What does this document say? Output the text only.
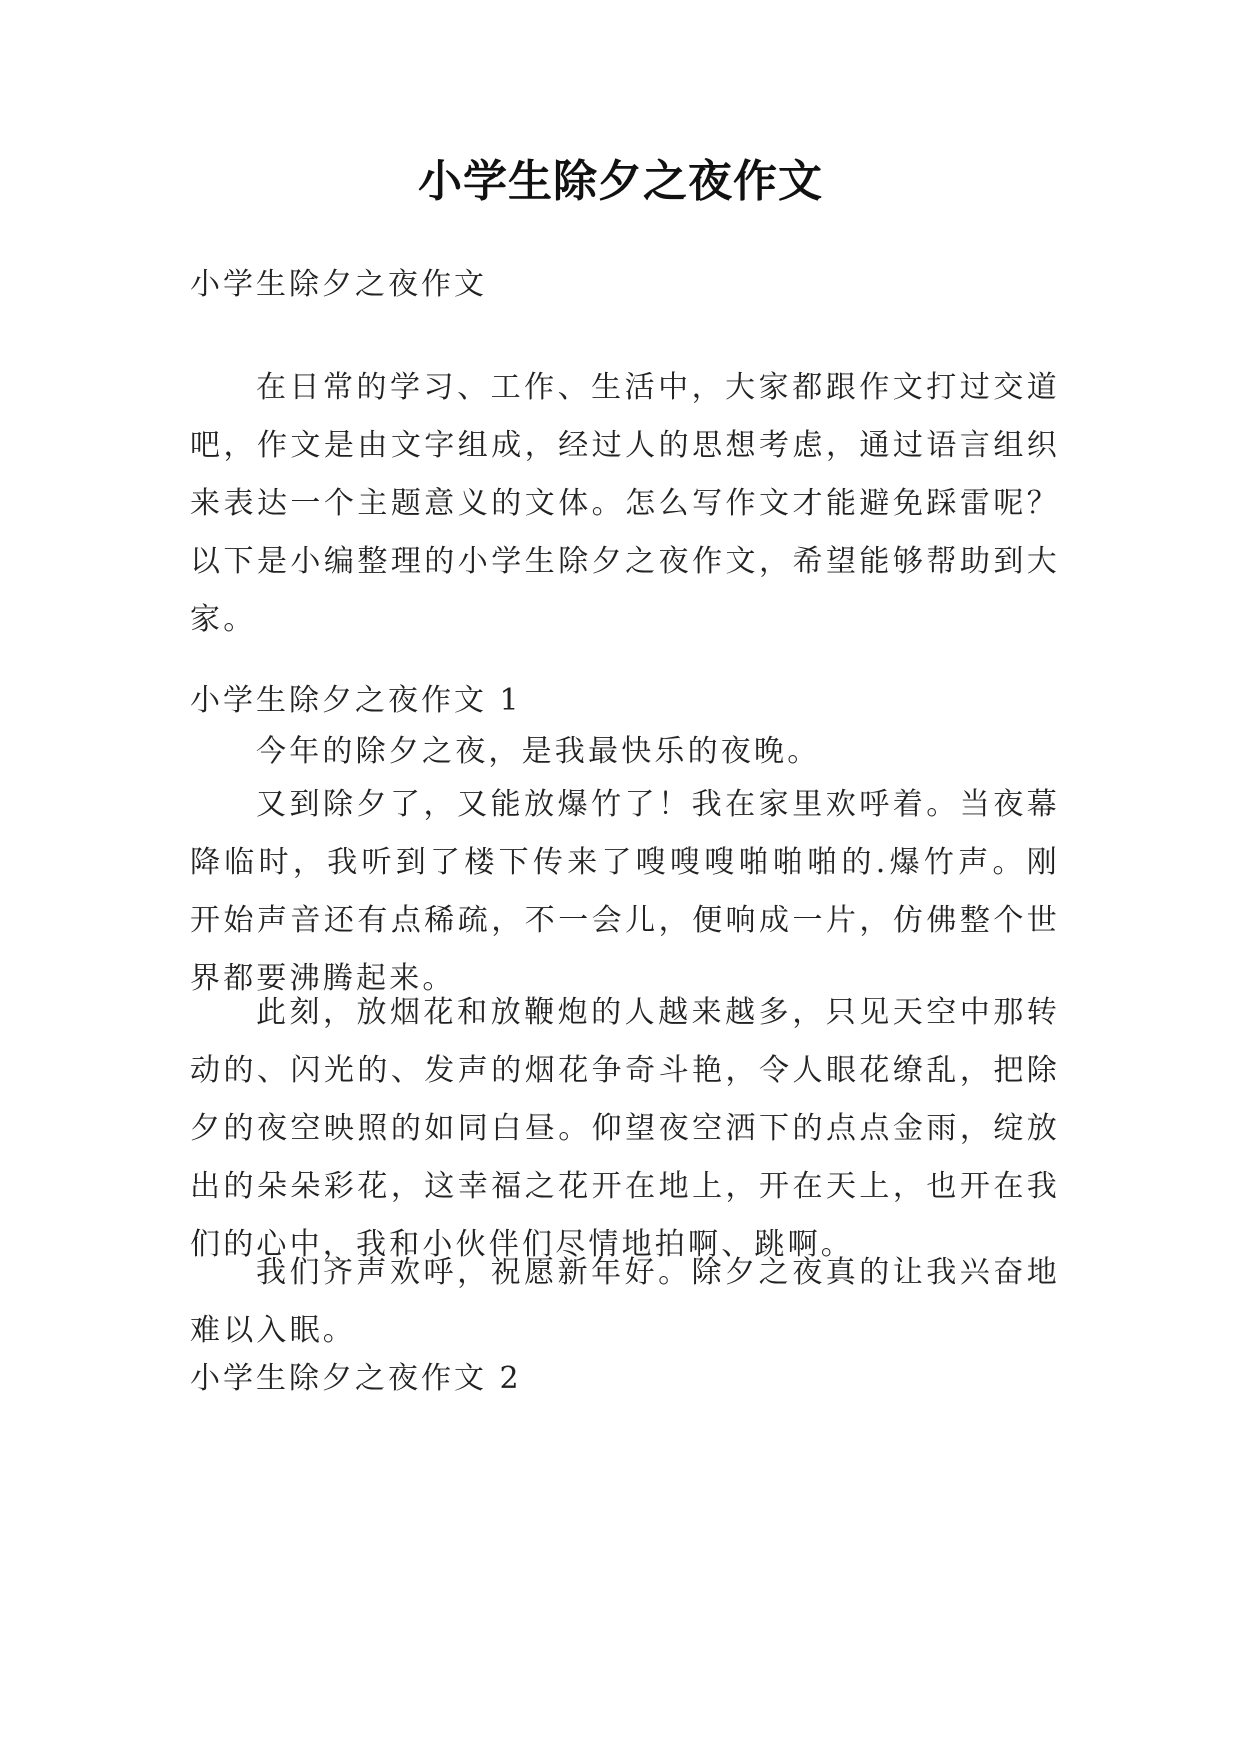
小学生除夕之夜作文
小学生除夕之夜作文

在日常的学习、工作、生活中，大家都跟作文打过交道吧，作文是由文字组成，经过人的思想考虑，通过语言组织来表达一个主题意义的文体。怎么写作文才能避免踩雷呢？以下是小编整理的小学生除夕之夜作文，希望能够帮助到大家。

小学生除夕之夜作文 1

今年的除夕之夜，是我最快乐的夜晚。

又到除夕了，又能放爆竹了！我在家里欢呼着。当夜幕降临时，我听到了楼下传来了嗖嗖嗖啪啪啪的.爆竹声。刚开始声音还有点稀疏，不一会儿，便响成一片，仿佛整个世界都要沸腾起来。

此刻，放烟花和放鞭炮的人越来越多，只见天空中那转动的、闪光的、发声的烟花争奇斗艳，令人眼花缭乱，把除夕的夜空映照的如同白昼。仰望夜空洒下的点点金雨，绽放出的朵朵彩花，这幸福之花开在地上，开在天上，也开在我们的心中，我和小伙伴们尽情地拍啊、跳啊。

我们齐声欢呼，祝愿新年好。除夕之夜真的让我兴奋地难以入眠。

小学生除夕之夜作文 2
